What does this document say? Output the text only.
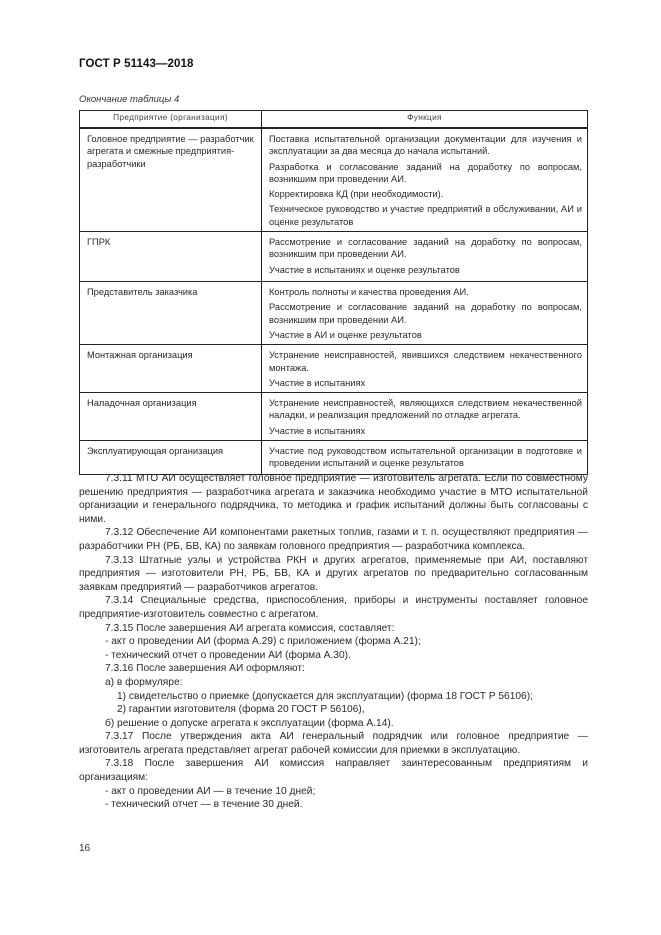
ГОСТ Р 51143—2018
Окончание таблицы 4
Предприятие (организация)	Функция
Головное предприятие — разработчик агрегата и смежные предприятия-разработчики	Поставка испытательной организации документации для изучения и эксплуатации за два месяца до начала испытаний.

Разработка и согласование заданий на доработку по вопросам, возникшим при проведении АИ.

Корректировка КД (при необходимости).

Техническое руководство и участие предприятий в обслуживании, АИ и оценке результатов

ГПРК	Рассмотрение и согласование заданий на доработку по вопросам, возникшим при проведении АИ.

Участие в испытаниях и оценке результатов

Представитель заказчика	Контроль полноты и качества проведения АИ.

Рассмотрение и согласование заданий на доработку по вопросам, возникшим при проведении АИ.

Участие в АИ и оценке результатов

Монтажная организация	Устранение неисправностей, явившихся следствием некачественного монтажа.

Участие в испытаниях

Наладочная организация	Устранение неисправностей, являющихся следствием некачественной наладки, и реализация предложений по отладке агрегата.

Участие в испытаниях

Эксплуатирующая организация	Участие под руководством испытательной организации в подготовке и проведении испытаний и оценке результатов

7.3.11 МТО АИ осуществляет головное предприятие — изготовитель агрегата. Если по совместному решению предприятия — разработчика агрегата и заказчика необходимо участие в МТО испытательной организации и генерального подрядчика, то методика и график испытаний должны быть согласованы с ними.

7.3.12 Обеспечение АИ компонентами ракетных топлив, газами и т. п. осуществляют предприятия — разработчики РН (РБ, БВ, КА) по заявкам головного предприятия — разработчика комплекса.

7.3.13 Штатные узлы и устройства РКН и других агрегатов, применяемые при АИ, поставляют предприятия — изготовители РН, РБ, БВ, КА и других агрегатов по предварительно согласованным заявкам предприятий — разработчиков агрегатов.

7.3.14 Специальные средства, приспособления, приборы и инструменты поставляет головное предприятие-изготовитель совместно с агрегатом.

7.3.15 После завершения АИ агрегата комиссия, составляет:

- акт о проведении АИ (форма А.29) с приложением (форма А.21);

- технический отчет о проведении АИ (форма А.30).

7.3.16 После завершения АИ оформляют:

а) в формуляре:

1) свидетельство о приемке (допускается для эксплуатации) (форма 18 ГОСТ Р 56106);

2) гарантии изготовителя (форма 20 ГОСТ Р 56106),

б) решение о допуске агрегата к эксплуатации (форма А.14).

7.3.17 После утверждения акта АИ генеральный подрядчик или головное предприятие — изготовитель агрегата представляет агрегат рабочей комиссии для приемки в эксплуатацию.

7.3.18 После завершения АИ комиссия направляет заинтересованным предприятиям и организациям:

- акт о проведении АИ — в течение 10 дней;

- технический отчет — в течение 30 дней.

16
